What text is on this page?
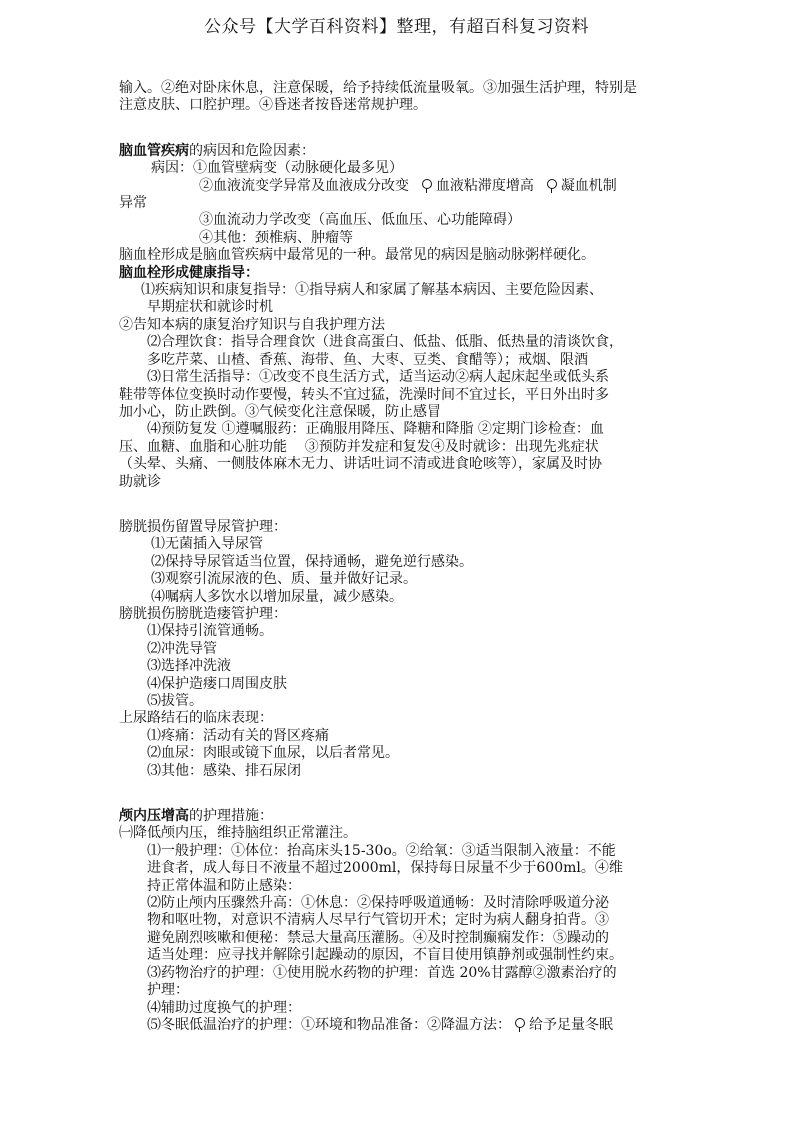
公众号【大学百科资料】整理，有超百科复习资料
输入。②绝对卧床休息，注意保暖，给予持续低流量吸氧。③加强生活护理，特别是
注意皮肤、口腔护理。④昏迷者按昏迷常规护理。
脑血管疾病的病因和危险因素：
病因：①血管壁病变（动脉硬化最多见）
②血液流变学异常及血液成分改变 血液粘滞度增高 凝血机制
异常
③血流动力学改变（高血压、低血压、心功能障碍）
④其他：颈椎病、肿瘤等
脑血栓形成是脑血管疾病中最常见的一种。最常见的病因是脑动脉粥样硬化。
脑血栓形成健康指导：
⑴疾病知识和康复指导：①指导病人和家属了解基本病因、主要危险因素、
早期症状和就诊时机
②告知本病的康复治疗知识与自我护理方法
⑵合理饮食：指导合理食饮（进食高蛋白、低盐、低脂、低热量的清谈饮食，
多吃芹菜、山楂、香蕉、海带、鱼、大枣、豆类、食醋等）；戒烟、限酒
⑶日常生活指导：①改变不良生活方式，适当运动②病人起床起坐或低头系
鞋带等体位变换时动作要慢，转头不宜过猛，洗澡时间不宜过长，平日外出时多
加小心，防止跌倒。③气候变化注意保暖，防止感冒
⑷预防复发 ①遵嘱服药：正确服用降压、降糖和降脂 ②定期门诊检查：血
压、血糖、血脂和心脏功能    ③预防并发症和复发④及时就诊：出现先兆症状
（头晕、头痛、一侧肢体麻木无力、讲话吐词不清或进食呛咳等），家属及时协
助就诊
膀胱损伤留置导尿管护理：
⑴无菌插入导尿管
⑵保持导尿管适当位置，保持通畅，避免逆行感染。
⑶观察引流尿液的色、质、量并做好记录。
⑷嘱病人多饮水以增加尿量，减少感染。
膀胱损伤膀胱造瘘管护理：
⑴保持引流管通畅。
⑵冲洗导管
⑶选择冲洗液
⑷保护造瘘口周围皮肤
⑸拔管。
上尿路结石的临床表现：
⑴疼痛：活动有关的肾区疼痛
⑵血尿：肉眼或镜下血尿，以后者常见。
⑶其他：感染、排石尿闭
颅内压增高的护理措施：
㈠降低颅内压，维持脑组织正常灌注。
⑴一般护理：①体位：抬高床头15-30o。②给氧：③适当限制入液量：不能
进食者，成人每日不液量不超过2000ml，保持每日尿量不少于600ml。④维
持正常体温和防止感染：
⑵防止颅内压骤然升高：①休息：②保持呼吸道通畅：及时清除呼吸道分泌
物和呕吐物，对意识不清病人尽早行气管切开术；定时为病人翻身拍背。③
避免剧烈咳嗽和便秘：禁忌大量高压灌肠。④及时控制癫痫发作：⑤躁动的
适当处理：应寻找并解除引起躁动的原因，不盲目使用镇静剂或强制性约束。
⑶药物治疗的护理：①使用脱水药物的护理：首选 20%甘露醇②激素治疗的
护理：
⑷辅助过度换气的护理：
⑸冬眠低温治疗的护理：①环境和物品准备：②降温方法： 给予足量冬眠
